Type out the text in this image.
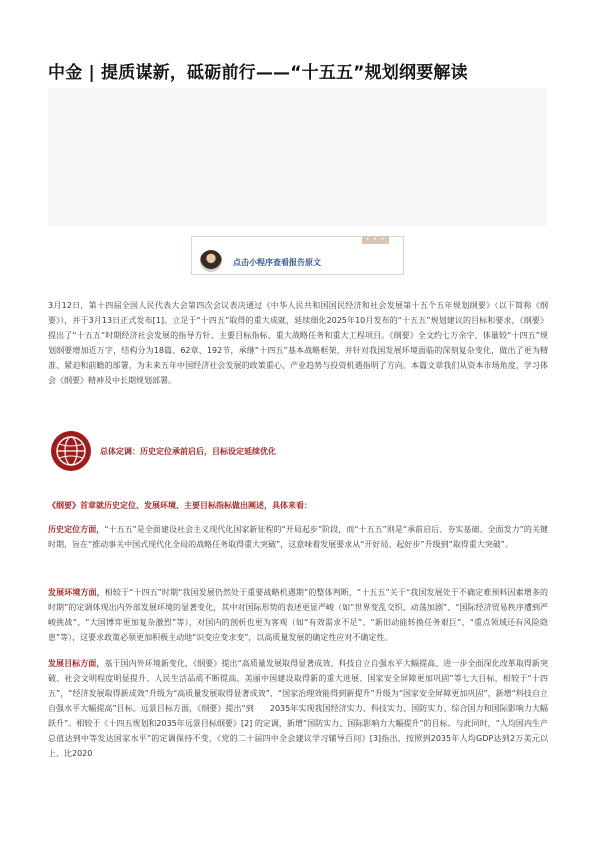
中金 | 提质谋新，砥砺前行——“十五五”规划纲要解读
• • •
点击小程序查看报告原文

3月12日，第十四届全国人民代表大会第四次会议表决通过《中华人民共和国国民经济和社会发展第十五个五年规划纲要》（以下简称《纲要》），并于3月13日正式发布[1]。立足于“十四五”取得的重大成就，延续细化2025年10月发布的“十五五”规划建议的目标和要求，《纲要》提出了“十五五”时期经济社会发展的指导方针、主要目标指标、重大战略任务和重大工程项目。《纲要》全文约七万余字，体量较“十四五”规划纲要增加近万字，结构分为18篇、62章、192节，承继“十四五”基本战略框架，并针对我国发展环境面临的深刻复杂变化，做出了更为精准、紧迫和前瞻的部署，为未来五年中国经济社会发展的政策重心、产业趋势与投资机遇指明了方向。本篇文章我们从资本市场角度，学习体会《纲要》精神及中长期规划部署。

总体定调：历史定位承前启后，目标设定延续优化

《纲要》首章就历史定位、发展环境、主要目标指标做出阐述，具体来看：

历史定位方面，“十五五”是全面建设社会主义现代化国家新征程的“开局起步”阶段，而“十五五”则是“承前启后、夯实基础、全面发力”的关键时期，旨在“推动事关中国式现代化全局的战略任务取得重大突破”，这意味着发展要求从“开好局、起好步”升级到“取得重大突破”。

发展环境方面，相较于“十四五”时期“我国发展仍然处于重要战略机遇期”的整体判断，“十五五”关于“我国发展处于不确定难预料因素增多的时期”的定调体现出内外部发展环境的显著变化，其中对国际形势的表述更显严峻（如“世界变乱交织、动荡加剧”、“国际经济贸易秩序遭到严峻挑战”、“大国博弈更加复杂激烈”等），对国内的剖析也更为客观（如“有效需求不足”、“新旧动能转换任务艰巨”、“重点领域还有风险隐患”等），这要求政策必须更加积极主动地“识变应变求变”，以高质量发展的确定性应对不确定性。

发展目标方面，基于国内外环境新变化，《纲要》提出“高质量发展取得显著成效、科技自立自强水平大幅提高、进一步全面深化改革取得新突破、社会文明程度明显提升、人民生活品质不断提高、美丽中国建设取得新的重大进展、国家安全屏障更加巩固”等七大目标，相较于“十四五”，“经济发展取得新成效”升级为“高质量发展取得显著成效”，“国家治理效能得到新提升”升级为“国家安全屏障更加巩固”，新增“科技自立自强水平大幅提高”目标。远景目标方面，《纲要》提出“到　　2035年实现我国经济实力、科技实力、国防实力、综合国力和国际影响力大幅跃升”。相较于《十四五规划和2035年远景目标纲要》[2] 的定调，新增“国防实力、国际影响力大幅提升”的目标。与此同时，“人均国内生产总值达到中等发达国家水平”的定调保持不变，《党的二十届四中全会建议学习辅导百问》[3]指出，按照到2035年人均GDP达到2万美元以上、比2020
